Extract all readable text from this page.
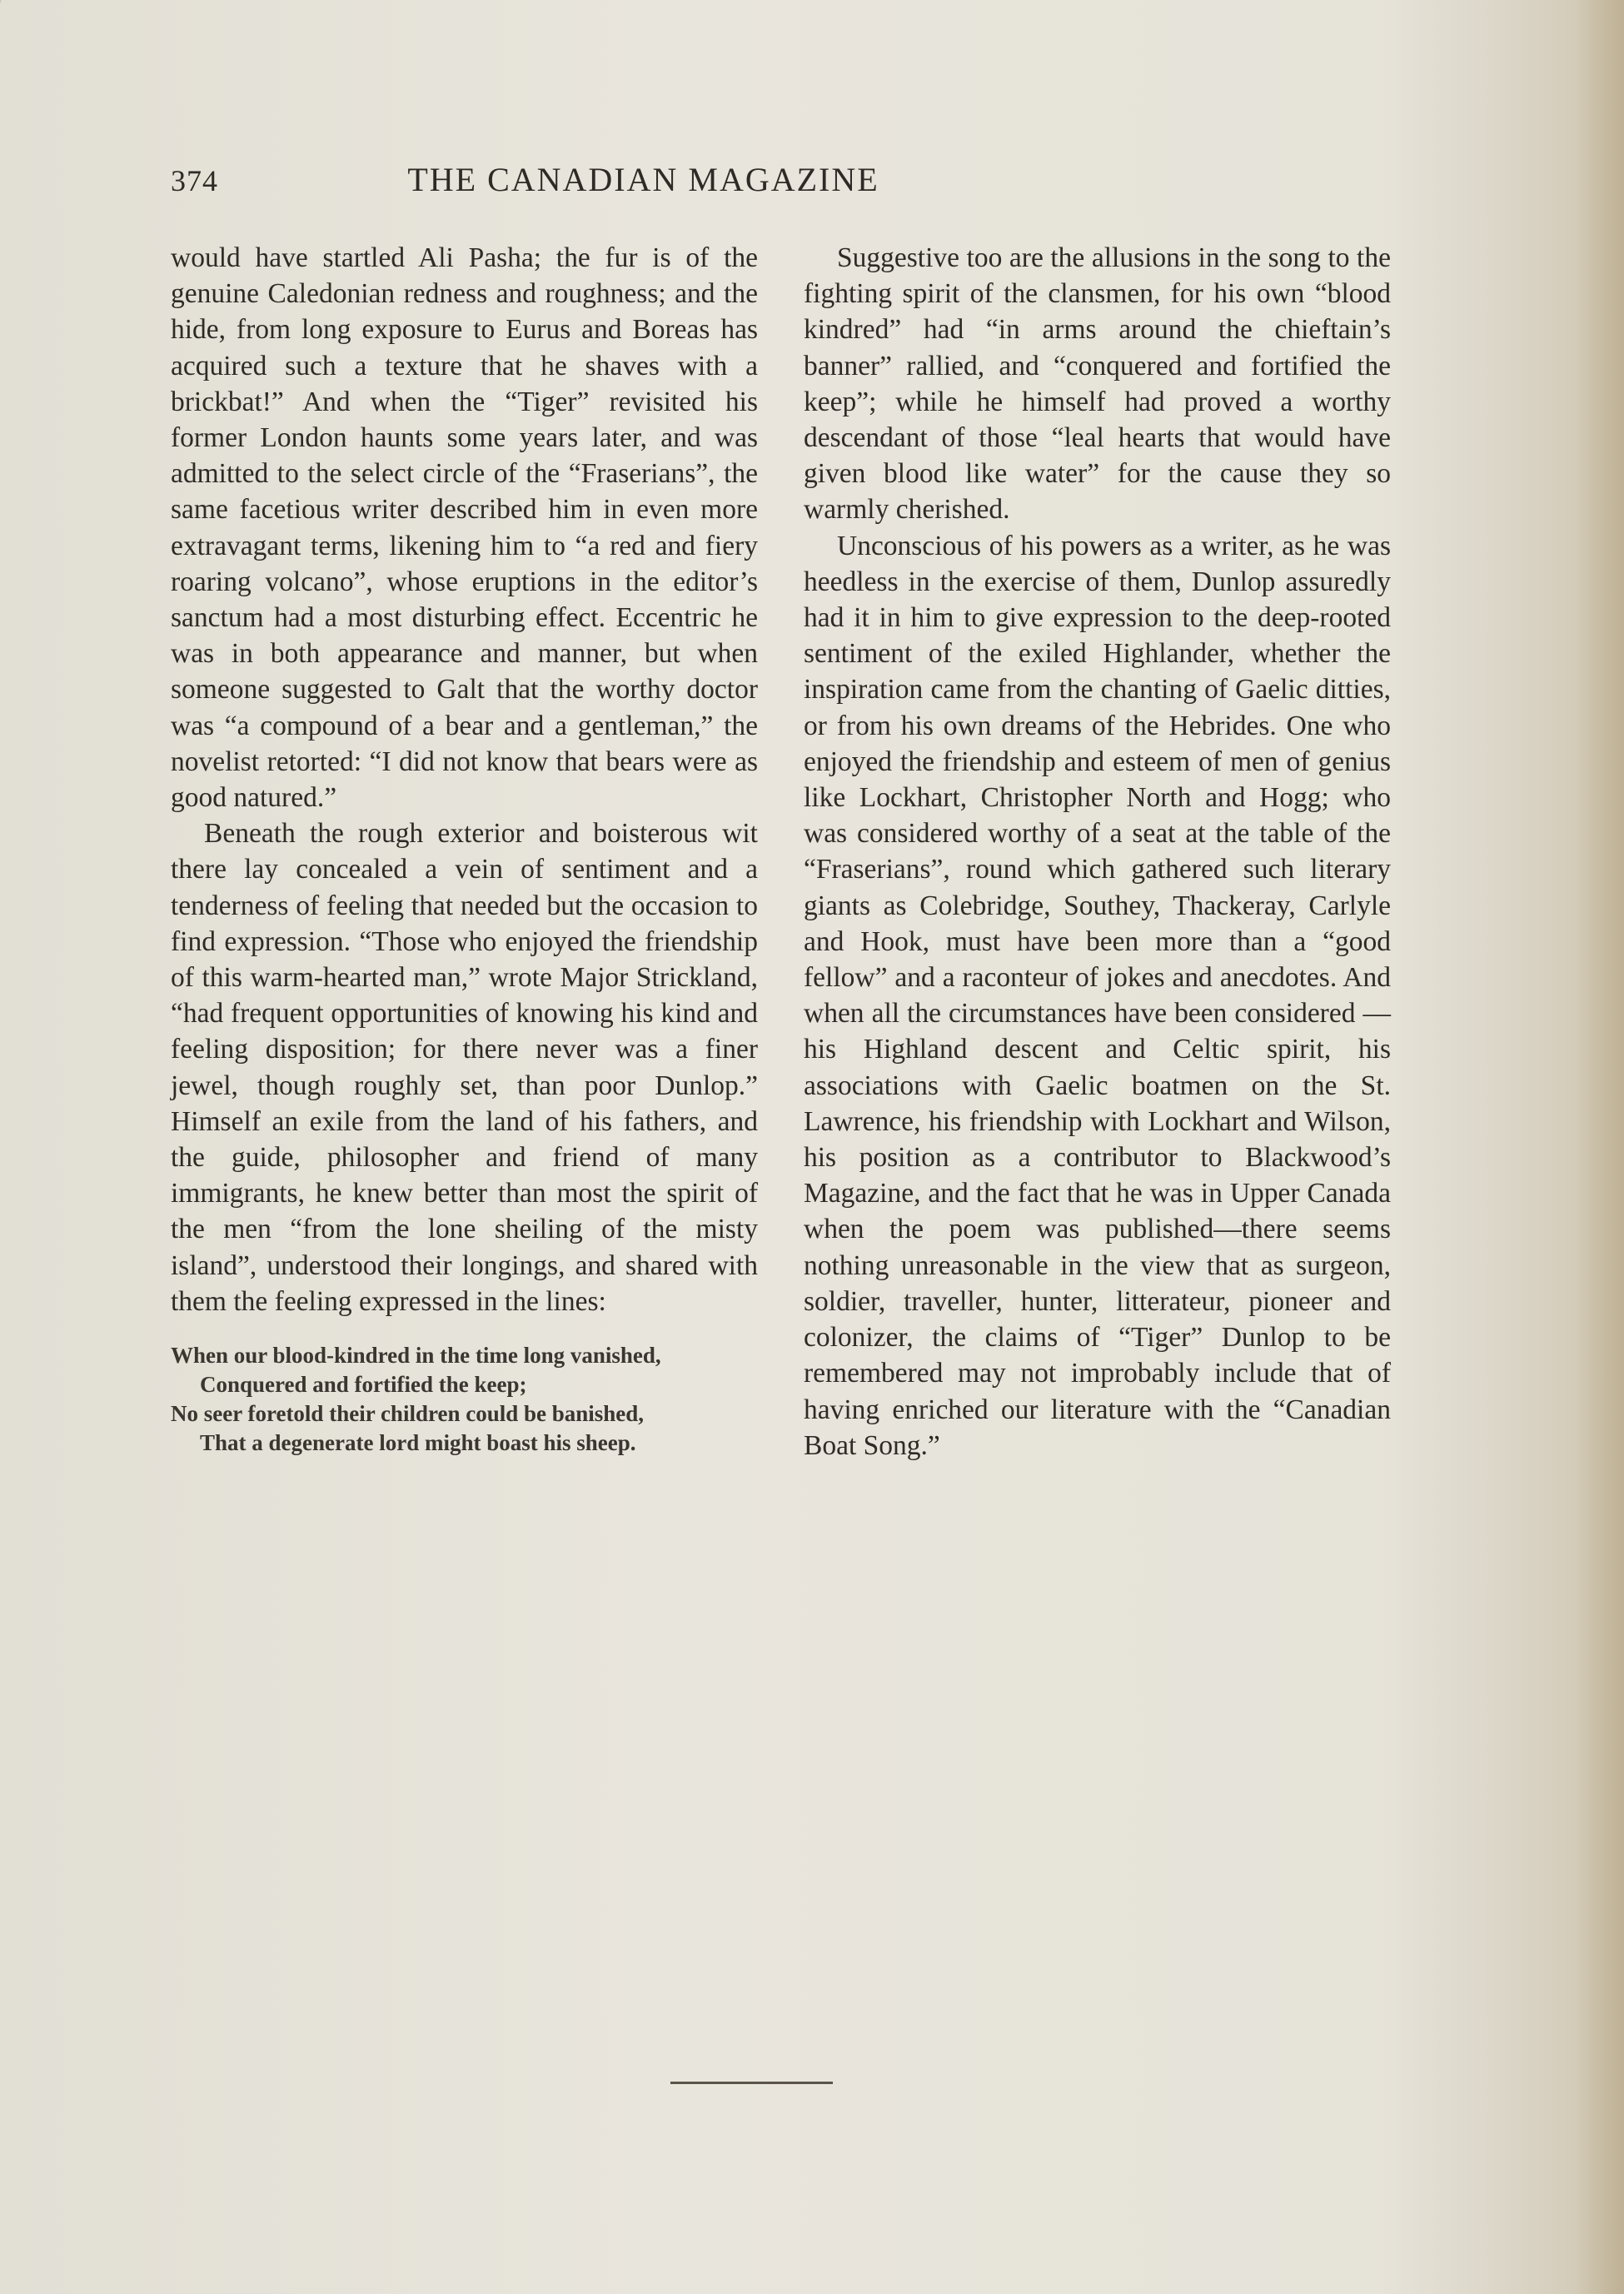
374	THE CANADIAN MAGAZINE

would have startled Ali Pasha; the fur is of the genuine Caledonian redness and roughness; and the hide, from long exposure to Eurus and Boreas has acquired such a texture that he shaves with a brickbat!” And when the “Tiger” revisited his former London haunts some years later, and was admitted to the select circle of the “Fraserians”, the same facetious writer described him in even more extravagant terms, likening him to “a red and fiery roaring volcano”, whose eruptions in the editor’s sanctum had a most disturbing effect. Eccentric he was in both appearance and manner, but when someone suggested to Galt that the worthy doctor was “a compound of a bear and a gentleman,” the novelist retorted: “I did not know that bears were as good natured.”

Beneath the rough exterior and boisterous wit there lay concealed a vein of sentiment and a tenderness of feeling that needed but the occasion to find expression. “Those who enjoyed the friendship of this warm-hearted man,” wrote Major Strickland, “had frequent opportunities of knowing his kind and feeling disposition; for there never was a finer jewel, though roughly set, than poor Dunlop.” Himself an exile from the land of his fathers, and the guide, philosopher and friend of many immigrants, he knew better than most the spirit of the men “from the lone sheiling of the misty island”, understood their longings, and shared with them the feeling expressed in the lines:

When our blood-kindred in the time long vanished,
Conquered and fortified the keep;
No seer foretold their children could be banished,
That a degenerate lord might boast his sheep.

Suggestive too are the allusions in the song to the fighting spirit of the clansmen, for his own “blood kindred” had “in arms around the chieftain’s banner” rallied, and “conquered and fortified the keep”; while he himself had proved a worthy descendant of those “leal hearts that would have given blood like water” for the cause they so warmly cherished.

Unconscious of his powers as a writer, as he was heedless in the exercise of them, Dunlop assuredly had it in him to give expression to the deep-rooted sentiment of the exiled Highlander, whether the inspiration came from the chanting of Gaelic ditties, or from his own dreams of the Hebrides. One who enjoyed the friendship and esteem of men of genius like Lockhart, Christopher North and Hogg; who was considered worthy of a seat at the table of the “Fraserians”, round which gathered such literary giants as Colebridge, Southey, Thackeray, Carlyle and Hook, must have been more than a “good fellow” and a raconteur of jokes and anecdotes. And when all the circumstances have been considered — his Highland descent and Celtic spirit, his associations with Gaelic boatmen on the St. Lawrence, his friendship with Lockhart and Wilson, his position as a contributor to Blackwood’s Magazine, and the fact that he was in Upper Canada when the poem was published—there seems nothing unreasonable in the view that as surgeon, soldier, traveller, hunter, litterateur, pioneer and colonizer, the claims of “Tiger” Dunlop to be remembered may not improbably include that of having enriched our literature with the “Canadian Boat Song.”
